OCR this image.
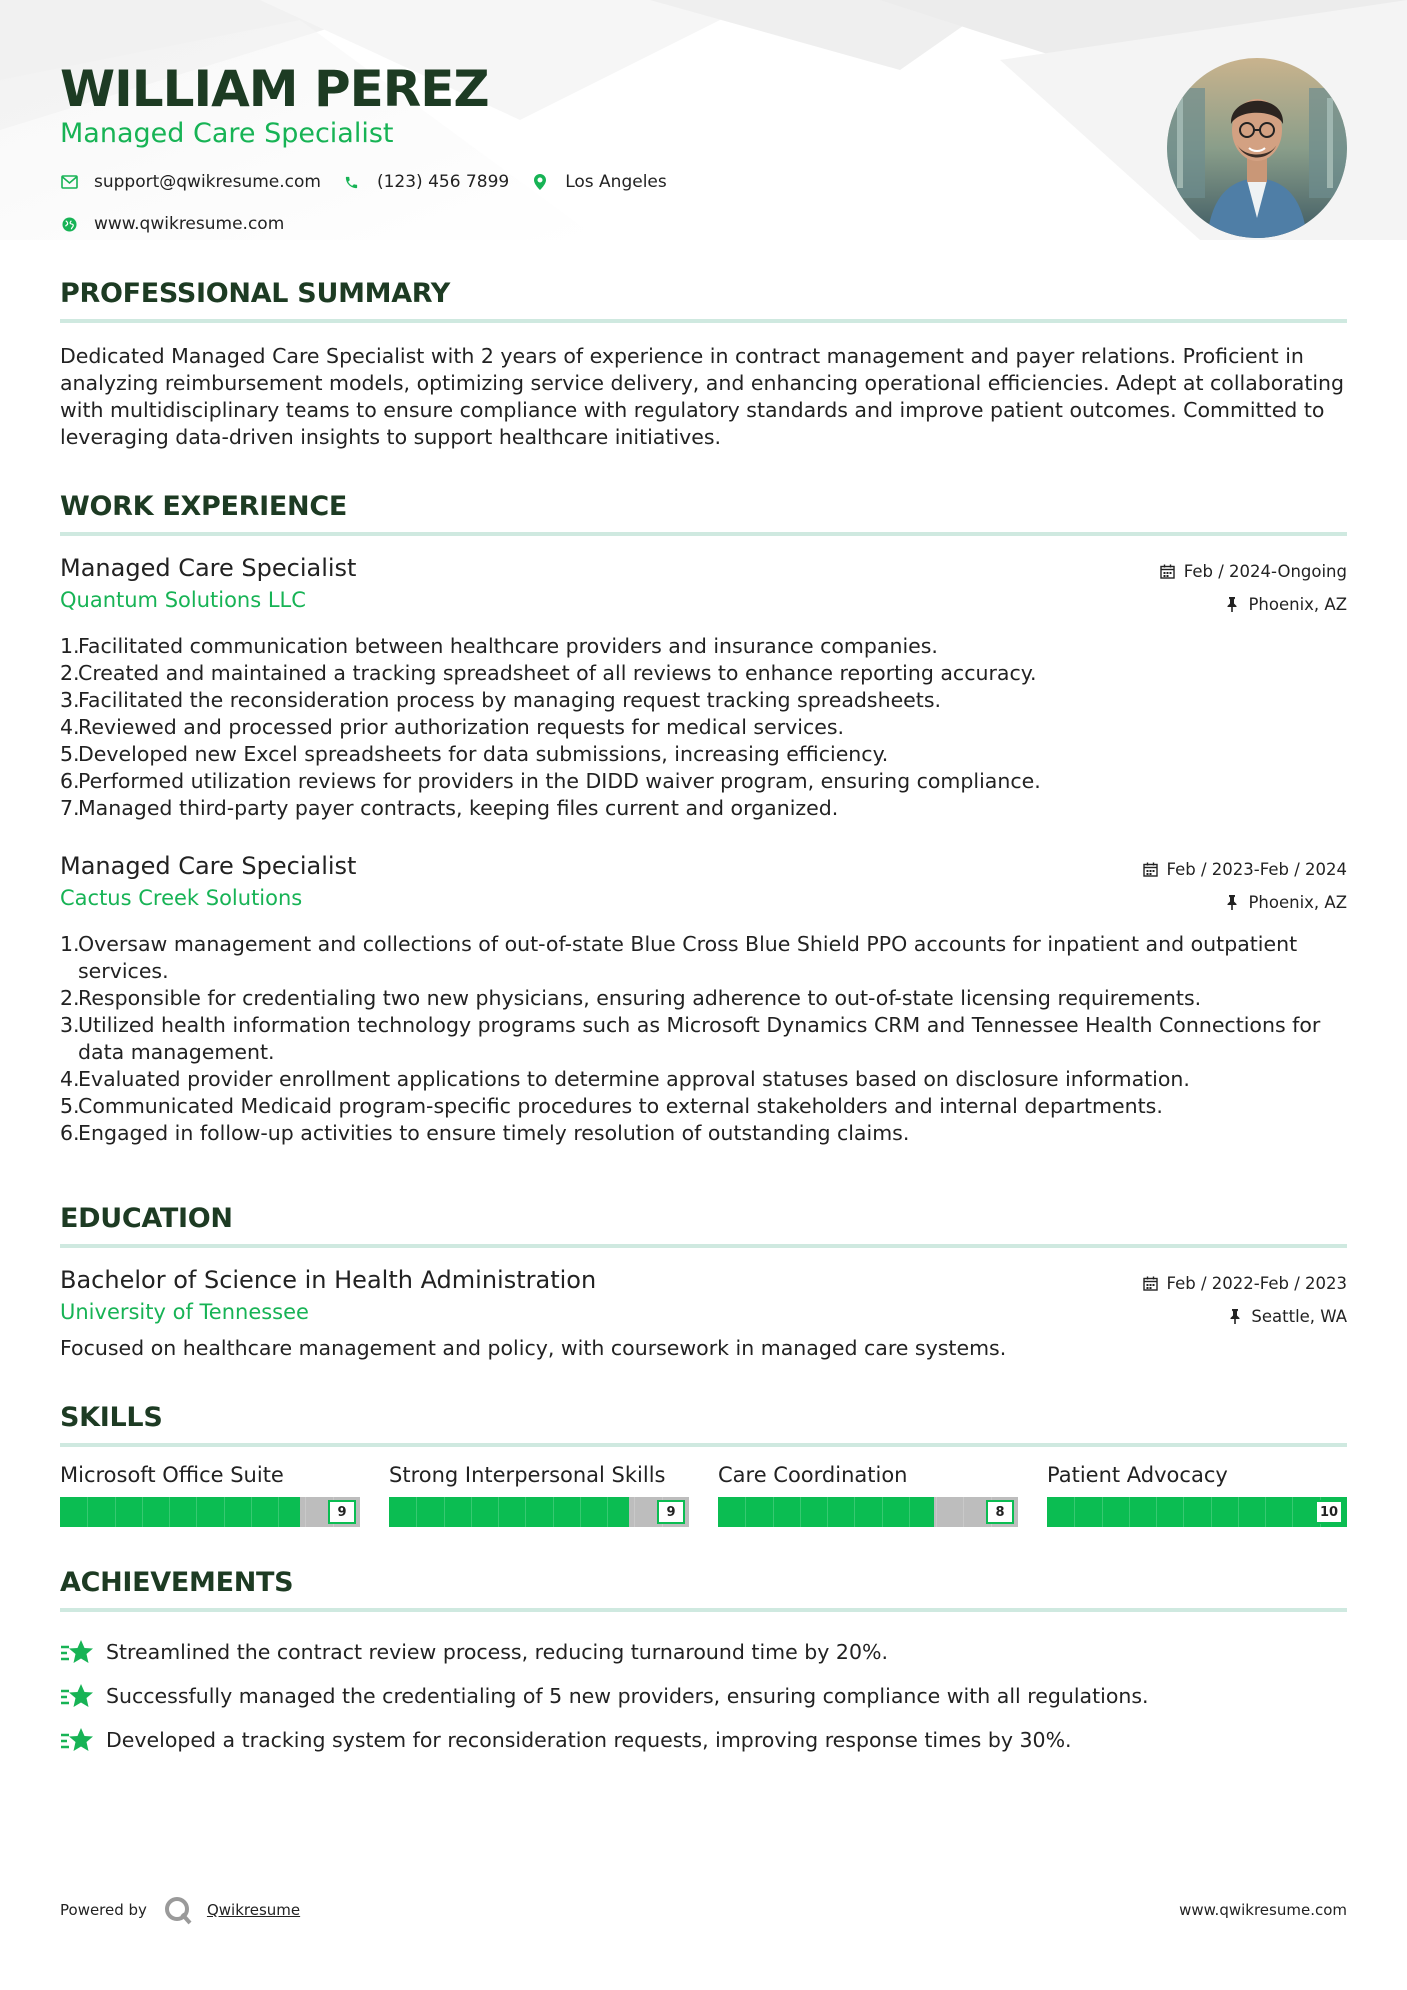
WILLIAM PEREZ
Managed Care Specialist
support@qwikresume.com	(123) 456 7899	Los Angeles
www.qwikresume.com
PROFESSIONAL SUMMARY

Dedicated Managed Care Specialist with 2 years of experience in contract management and payer relations. Proficient in analyzing reimbursement models, optimizing service delivery, and enhancing operational efficiencies. Adept at collaborating with multidisciplinary teams to ensure compliance with regulatory standards and improve patient outcomes. Committed to leveraging data-driven insights to support healthcare initiatives.

WORK EXPERIENCE
Managed Care Specialist
Quantum Solutions LLC
Feb / 2024-Ongoing
Phoenix, AZ
1.
Facilitated communication between healthcare providers and insurance companies.
2.
Created and maintained a tracking spreadsheet of all reviews to enhance reporting accuracy.
3.
Facilitated the reconsideration process by managing request tracking spreadsheets.
4.
Reviewed and processed prior authorization requests for medical services.
5.
Developed new Excel spreadsheets for data submissions, increasing efficiency.
6.
Performed utilization reviews for providers in the DIDD waiver program, ensuring compliance.
7.
Managed third-party payer contracts, keeping files current and organized.
Managed Care Specialist
Cactus Creek Solutions
Feb / 2023-Feb / 2024
Phoenix, AZ
1.
Oversaw management and collections of out-of-state Blue Cross Blue Shield PPO accounts for inpatient and outpatient services.
2.
Responsible for credentialing two new physicians, ensuring adherence to out-of-state licensing requirements.
3.
Utilized health information technology programs such as Microsoft Dynamics CRM and Tennessee Health Connections for data management.
4.
Evaluated provider enrollment applications to determine approval statuses based on disclosure information.
5.
Communicated Medicaid program-specific procedures to external stakeholders and internal departments.
6.
Engaged in follow-up activities to ensure timely resolution of outstanding claims.
EDUCATION
Bachelor of Science in Health Administration
University of Tennessee
Feb / 2022-Feb / 2023
Seattle, WA

Focused on healthcare management and policy, with coursework in managed care systems.

SKILLS
Microsoft Office Suite
9
Strong Interpersonal Skills
9
Care Coordination
8
Patient Advocacy
10
ACHIEVEMENTS
Streamlined the contract review process, reducing turnaround time by 20%.
Successfully managed the credentialing of 5 new providers, ensuring compliance with all regulations.
Developed a tracking system for reconsideration requests, improving response times by 30%.
Powered by	Qwikresume	www.qwikresume.com
